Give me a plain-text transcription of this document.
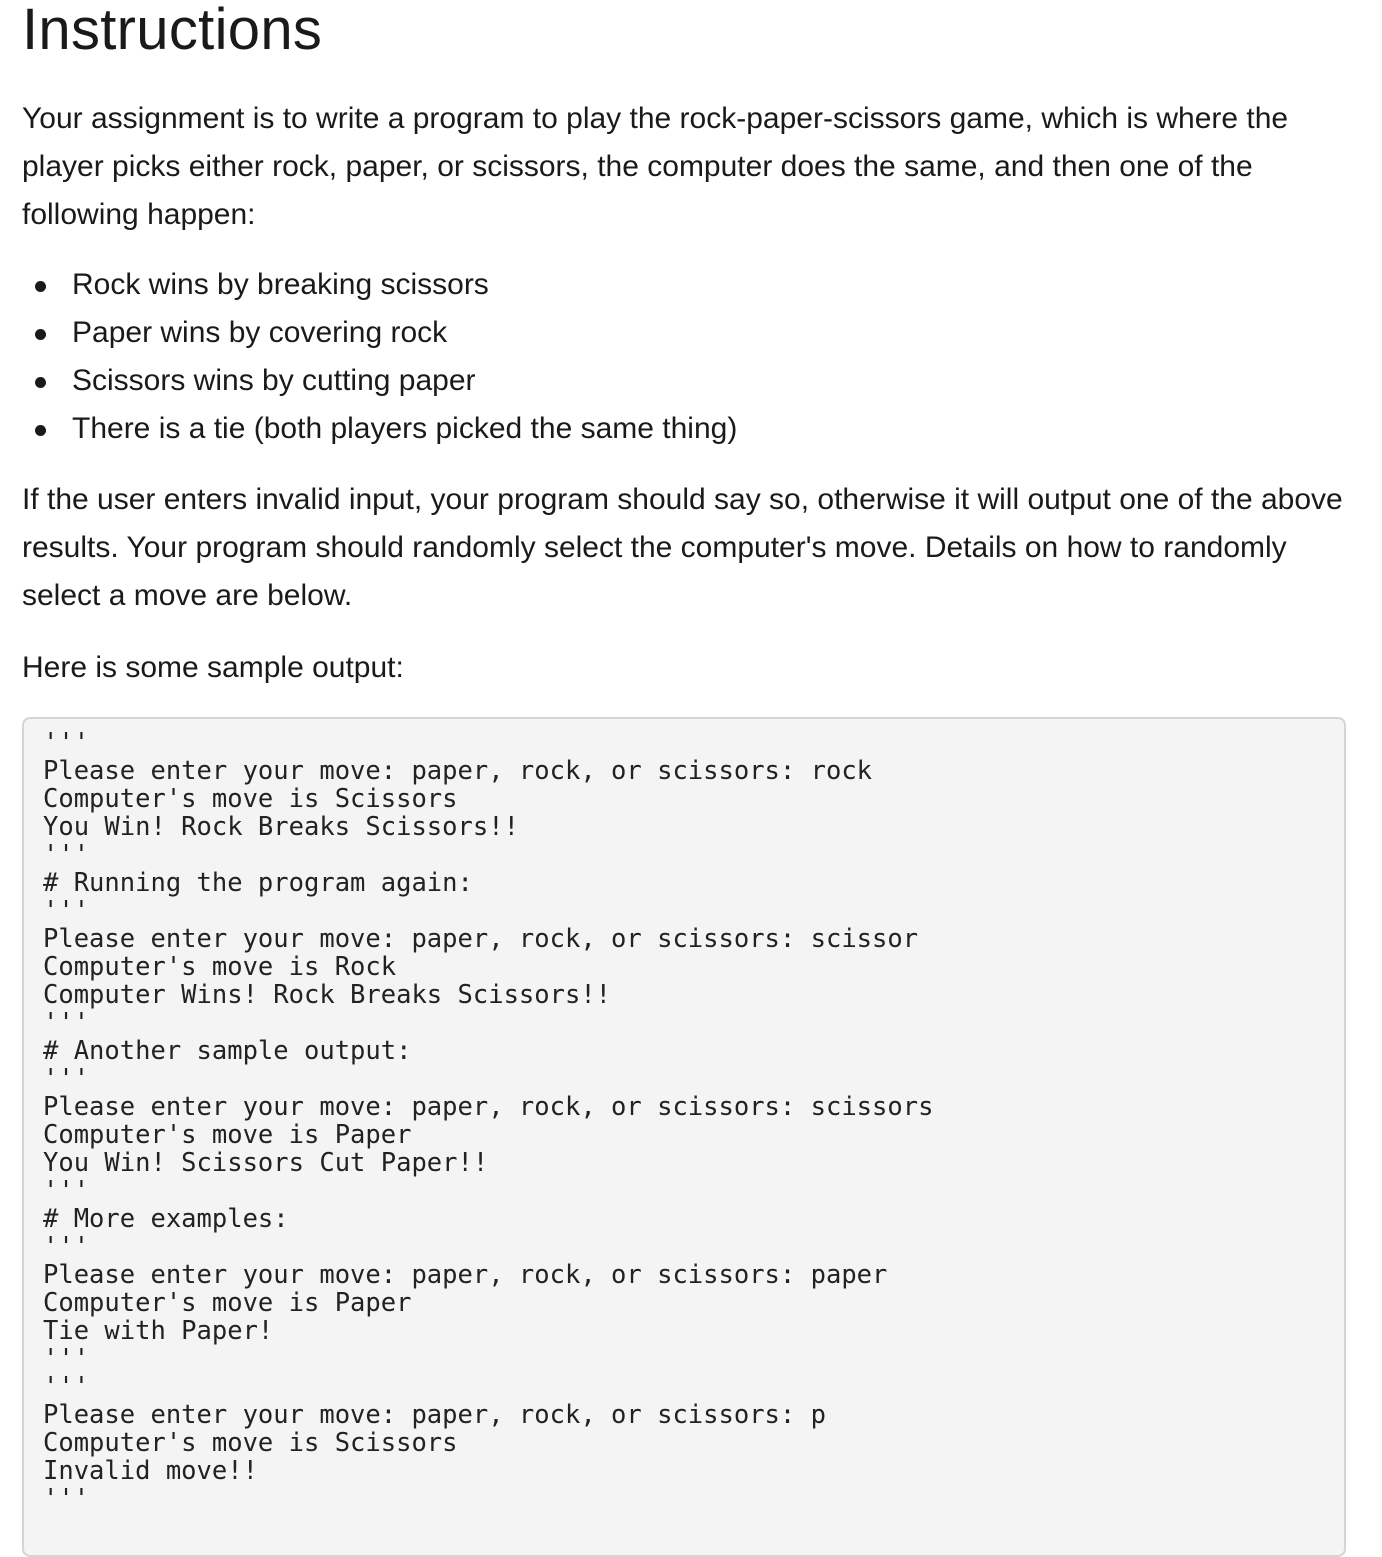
Instructions

Your assignment is to write a program to play the rock-paper-scissors game, which is where the player picks either rock, paper, or scissors, the computer does the same, and then one of the following happen:

Rock wins by breaking scissors
Paper wins by covering rock
Scissors wins by cutting paper
There is a tie (both players picked the same thing)

If the user enters invalid input, your program should say so, otherwise it will output one of the above results. Your program should randomly select the computer's move. Details on how to randomly select a move are below.

Here is some sample output:

'''
Please enter your move: paper, rock, or scissors: rock
Computer's move is Scissors
You Win! Rock Breaks Scissors!!
'''
# Running the program again:
'''
Please enter your move: paper, rock, or scissors: scissor
Computer's move is Rock
Computer Wins! Rock Breaks Scissors!!
'''
# Another sample output:
'''
Please enter your move: paper, rock, or scissors: scissors
Computer's move is Paper
You Win! Scissors Cut Paper!!
'''
# More examples:
'''
Please enter your move: paper, rock, or scissors: paper
Computer's move is Paper
Tie with Paper!
'''
'''
Please enter your move: paper, rock, or scissors: p
Computer's move is Scissors
Invalid move!!
'''
